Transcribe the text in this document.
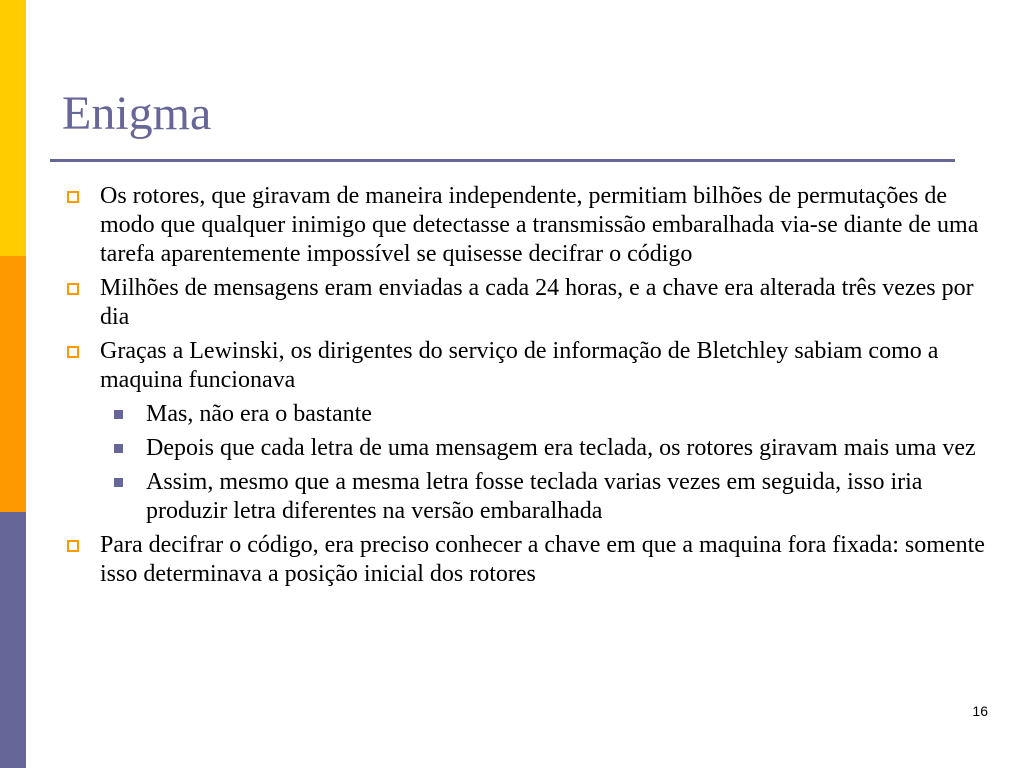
Enigma
Os rotores, que giravam de maneira independente, permitiam bilhões de permutações de modo que qualquer inimigo que detectasse a transmissão embaralhada via-se diante de uma tarefa aparentemente impossível se quisesse decifrar o código
Milhões de mensagens eram enviadas a cada 24 horas, e a chave era alterada três vezes por dia
Graças a Lewinski, os dirigentes do serviço de informação de Bletchley sabiam como a maquina funcionava
Mas, não era o bastante
Depois que cada letra de uma mensagem era teclada, os rotores giravam mais uma vez
Assim, mesmo que a mesma letra fosse teclada varias vezes em seguida, isso iria produzir letra diferentes na versão embaralhada
Para decifrar o código, era preciso conhecer a chave em que a maquina fora fixada: somente isso determinava a posição inicial dos rotores
16
